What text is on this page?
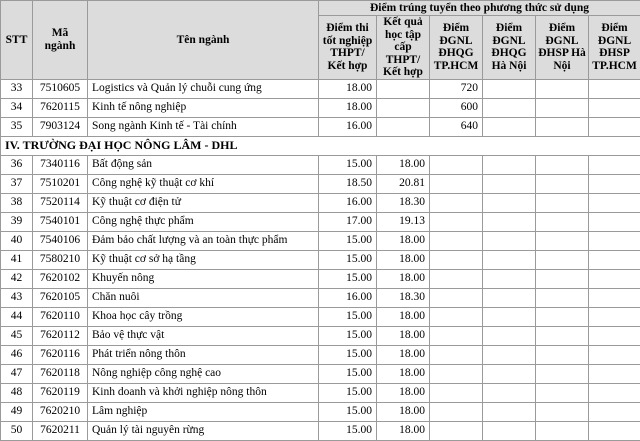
STT	Mã ngành	Tên ngành	Điểm trúng tuyển theo phương thức sử dụng					
			Điểm thi tốt nghiệp THPT/ Kết hợp	Kết quả học tập cấp THPT/ Kết hợp	Điểm ĐGNL ĐHQG TP.HCM	Điểm ĐGNL ĐHQG Hà Nội	Điểm ĐGNL ĐHSP Hà Nội	Điểm ĐGNL ĐHSP TP.HCM
33	7510605	Logistics và Quản lý chuỗi cung ứng	18.00		720			
34	7620115	Kinh tế nông nghiệp	18.00		600			
35	7903124	Song ngành Kinh tế - Tài chính	16.00		640			
IV. TRƯỜNG ĐẠI HỌC NÔNG LÂM - DHL								
36	7340116	Bất động sản	15.00	18.00				
37	7510201	Công nghệ kỹ thuật cơ khí	18.50	20.81				
38	7520114	Kỹ thuật cơ điện tử	16.00	18.30				
39	7540101	Công nghệ thực phẩm	17.00	19.13				
40	7540106	Đảm bảo chất lượng và an toàn thực phẩm	15.00	18.00				
41	7580210	Kỹ thuật cơ sở hạ tầng	15.00	18.00				
42	7620102	Khuyến nông	15.00	18.00				
43	7620105	Chăn nuôi	16.00	18.30				
44	7620110	Khoa học cây trồng	15.00	18.00				
45	7620112	Bảo vệ thực vật	15.00	18.00				
46	7620116	Phát triển nông thôn	15.00	18.00				
47	7620118	Nông nghiệp công nghệ cao	15.00	18.00				
48	7620119	Kinh doanh và khởi nghiệp nông thôn	15.00	18.00				
49	7620210	Lâm nghiệp	15.00	18.00				
50	7620211	Quản lý tài nguyên rừng	15.00	18.00				
